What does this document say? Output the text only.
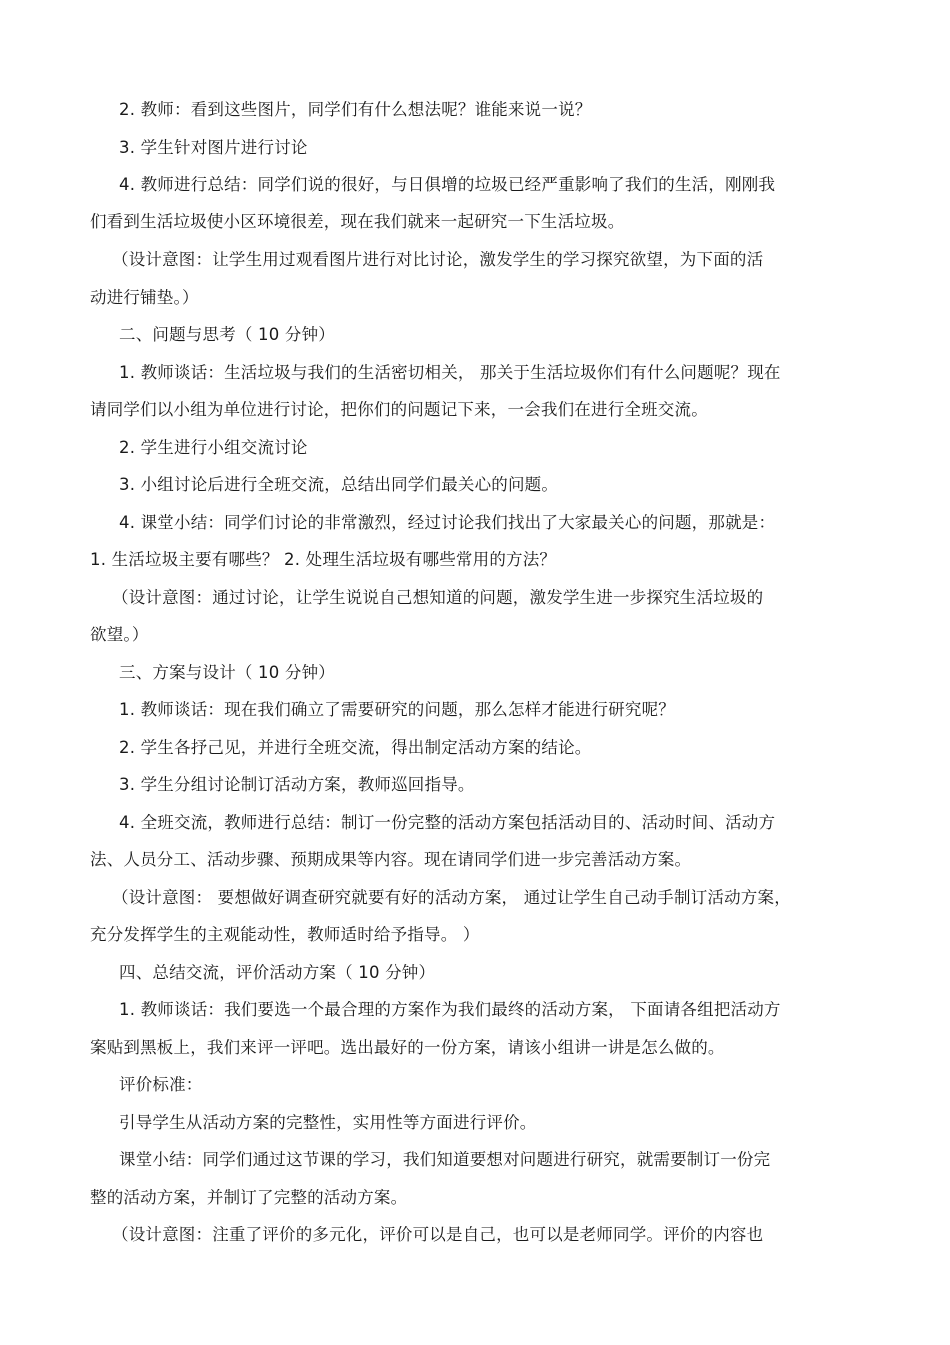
2. 教师：看到这些图片，同学们有什么想法呢？谁能来说一说？
3. 学生针对图片进行讨论
4. 教师进行总结：同学们说的很好，与日俱增的垃圾已经严重影响了我们的生活，刚刚我
们看到生活垃圾使小区环境很差，现在我们就来一起研究一下生活垃圾。
（设计意图：让学生用过观看图片进行对比讨论，激发学生的学习探究欲望，为下面的活
动进行铺垫。）
二、问题与思考（ 10 分钟）
1. 教师谈话：生活垃圾与我们的生活密切相关， 那关于生活垃圾你们有什么问题呢？现在
请同学们以小组为单位进行讨论，把你们的问题记下来，一会我们在进行全班交流。
2. 学生进行小组交流讨论
3. 小组讨论后进行全班交流，总结出同学们最关心的问题。
4. 课堂小结：同学们讨论的非常激烈，经过讨论我们找出了大家最关心的问题，那就是：
1. 生活垃圾主要有哪些？ 2. 处理生活垃圾有哪些常用的方法？
（设计意图：通过讨论，让学生说说自己想知道的问题，激发学生进一步探究生活垃圾的
欲望。）
三、方案与设计（ 10 分钟）
1. 教师谈话：现在我们确立了需要研究的问题，那么怎样才能进行研究呢？
2. 学生各抒己见，并进行全班交流，得出制定活动方案的结论。
3. 学生分组讨论制订活动方案，教师巡回指导。
4. 全班交流，教师进行总结：制订一份完整的活动方案包括活动目的、活动时间、活动方
法、人员分工、活动步骤、预期成果等内容。现在请同学们进一步完善活动方案。
（设计意图： 要想做好调查研究就要有好的活动方案， 通过让学生自己动手制订活动方案，
充分发挥学生的主观能动性，教师适时给予指导。 ）
四、总结交流，评价活动方案（ 10 分钟）
1. 教师谈话：我们要选一个最合理的方案作为我们最终的活动方案， 下面请各组把活动方
案贴到黑板上，我们来评一评吧。选出最好的一份方案，请该小组讲一讲是怎么做的。
评价标准：
引导学生从活动方案的完整性，实用性等方面进行评价。
课堂小结：同学们通过这节课的学习，我们知道要想对问题进行研究，就需要制订一份完
整的活动方案，并制订了完整的活动方案。
（设计意图：注重了评价的多元化，评价可以是自己，也可以是老师同学。评价的内容也
